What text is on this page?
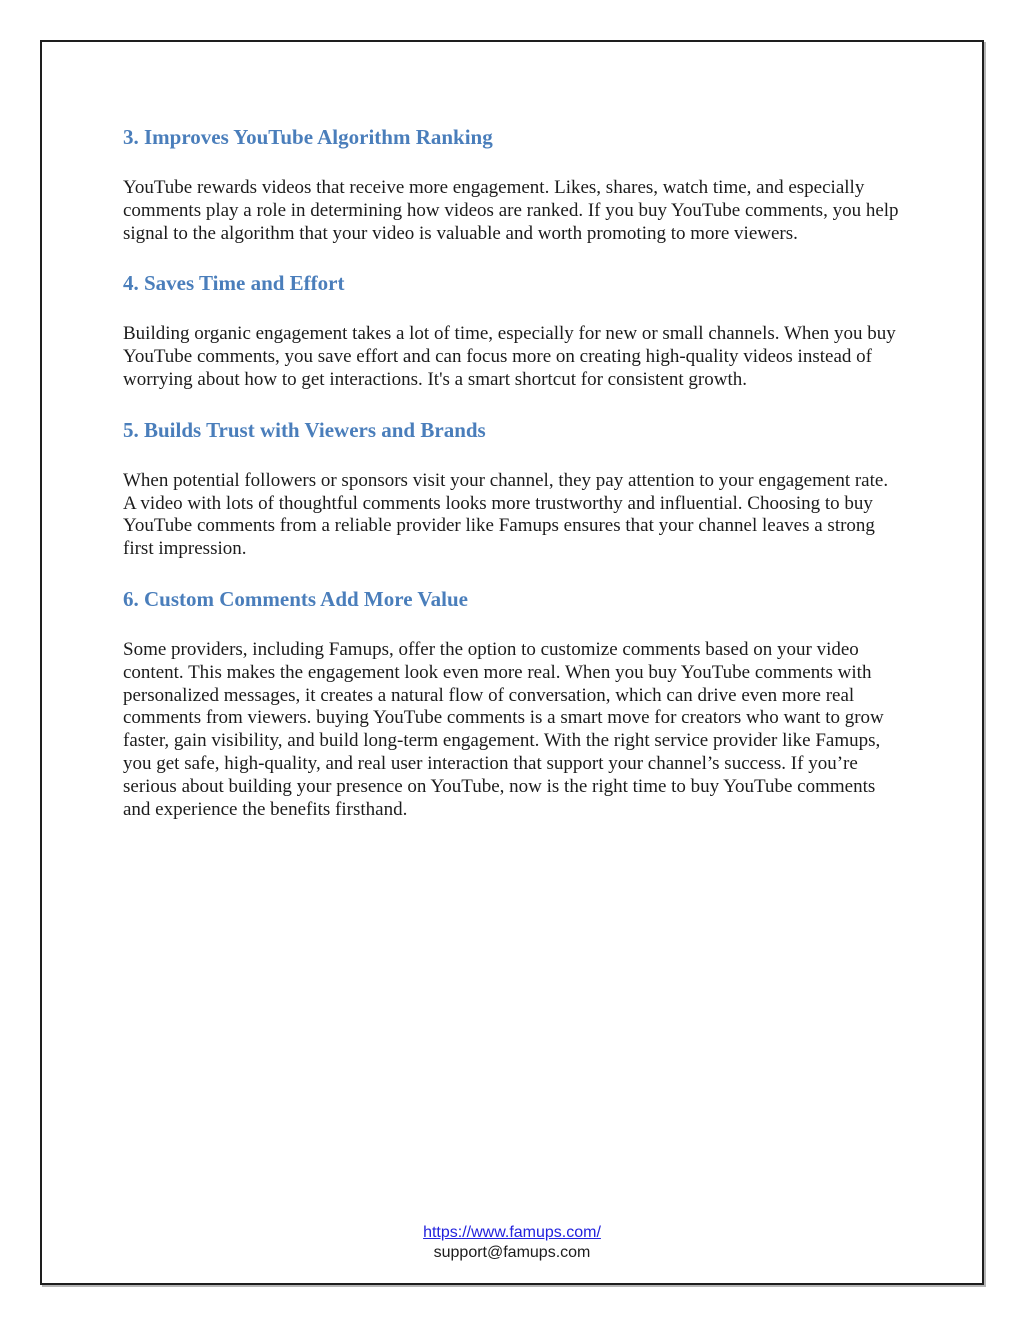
3. Improves YouTube Algorithm Ranking

YouTube rewards videos that receive more engagement. Likes, shares, watch time, and especially comments play a role in determining how videos are ranked. If you buy YouTube comments, you help signal to the algorithm that your video is valuable and worth promoting to more viewers.

4. Saves Time and Effort

Building organic engagement takes a lot of time, especially for new or small channels. When you buy YouTube comments, you save effort and can focus more on creating high-quality videos instead of worrying about how to get interactions. It's a smart shortcut for consistent growth.

5. Builds Trust with Viewers and Brands

When potential followers or sponsors visit your channel, they pay attention to your engagement rate. A video with lots of thoughtful comments looks more trustworthy and influential. Choosing to buy YouTube comments from a reliable provider like Famups ensures that your channel leaves a strong first impression.

6. Custom Comments Add More Value

Some providers, including Famups, offer the option to customize comments based on your video content. This makes the engagement look even more real. When you buy YouTube comments with personalized messages, it creates a natural flow of conversation, which can drive even more real comments from viewers. buying YouTube comments is a smart move for creators who want to grow faster, gain visibility, and build long-term engagement. With the right service provider like Famups, you get safe, high-quality, and real user interaction that support your channel’s success. If you’re serious about building your presence on YouTube, now is the right time to buy YouTube comments and experience the benefits firsthand.

https://www.famups.com/
support@famups.com
